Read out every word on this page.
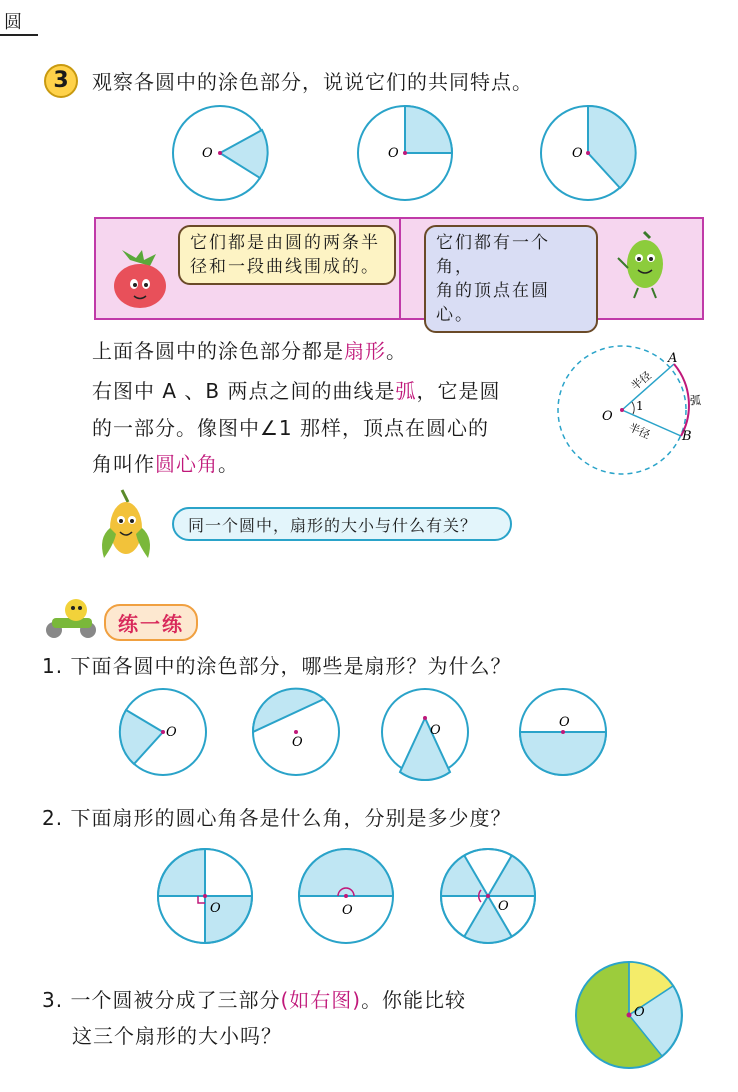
圆
3	观察各圆中的涂色部分，说说它们的共同特点。
O	O	O
它们都是由圆的两条半
径和一段曲线围成的。
它们都有一个角，
角的顶点在圆心。
上面各圆中的涂色部分都是扇形。
右图中 A 、B 两点之间的曲线是弧，它是圆
的一部分。像图中∠1 那样，顶点在圆心的
角叫作圆心角。
A
B
O
1
半径
半径
弧
同一个圆中，扇形的大小与什么有关？
练一练
1. 下面各圆中的涂色部分，哪些是扇形？为什么？
O
O
O
O
2. 下面扇形的圆心角各是什么角，分别是多少度？
O	O	O
3. 一个圆被分成了三部分(如右图)。你能比较
这三个扇形的大小吗？
O
